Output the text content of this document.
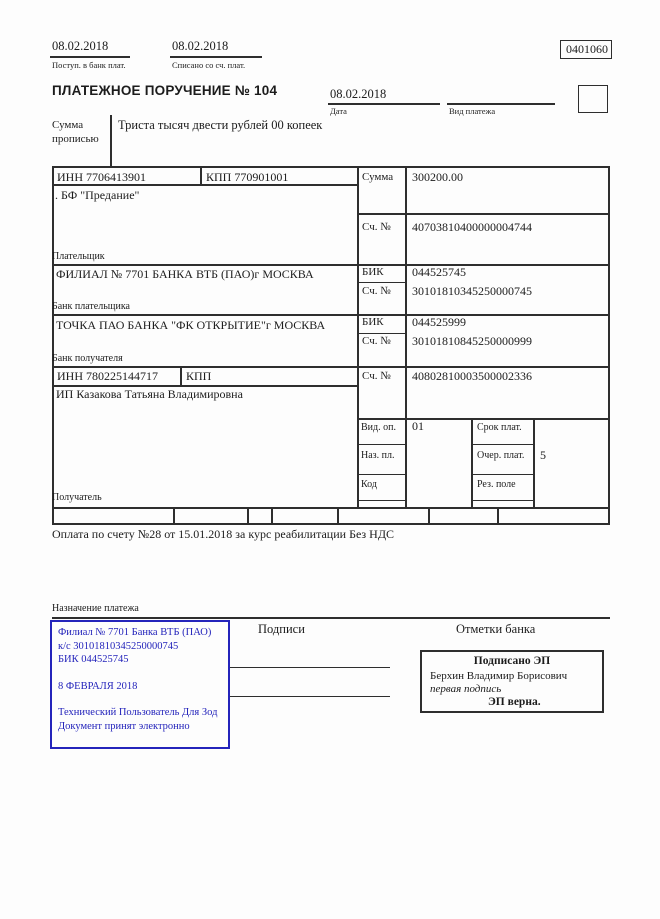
08.02.2018
Поступ. в банк плат.
08.02.2018
Списано со сч. плат.
0401060
ПЛАТЕЖНОЕ ПОРУЧЕНИЕ № 104	08.02.2018
Дата	Вид платежа
Сумма
прописью
Триста тысяч двести рублей 00 копеек
ИНН 7706413901	КПП 770901001
. БФ "Предание"
Плательщик
Сумма 300200.00
Сч. № 40703810400000004744
ФИЛИАЛ № 7701 БАНКА ВТБ (ПАО)г МОСКВА
Банк плательщика
БИК 044525745
Сч. № 30101810345250000745
ТОЧКА ПАО БАНКА "ФК ОТКРЫТИЕ"г МОСКВА
Банк получателя
БИК 044525999
Сч. № 30101810845250000999
ИНН 780225144717 КПП	Сч. № 40802810003500002336
ИП Казакова Татьяна Владимировна
Получатель
Вид. оп. 01	Срок плат.
Наз. пл.	Очер. плат. 5
Код	Рез. поле
Оплата по счету №28 от 15.01.2018 за курс реабилитации Без НДС
Назначение платежа
Филиал № 7701 Банка ВТБ (ПАО)
к/с 30101810345250000745
БИК 044525745
8 ФЕВРАЛЯ 2018
Технический Пользователь Для Зод
Документ принят электронно
Подписи	Отметки банка
Подписано ЭП
Берхин Владимир Борисович
первая подпись
ЭП верна.
